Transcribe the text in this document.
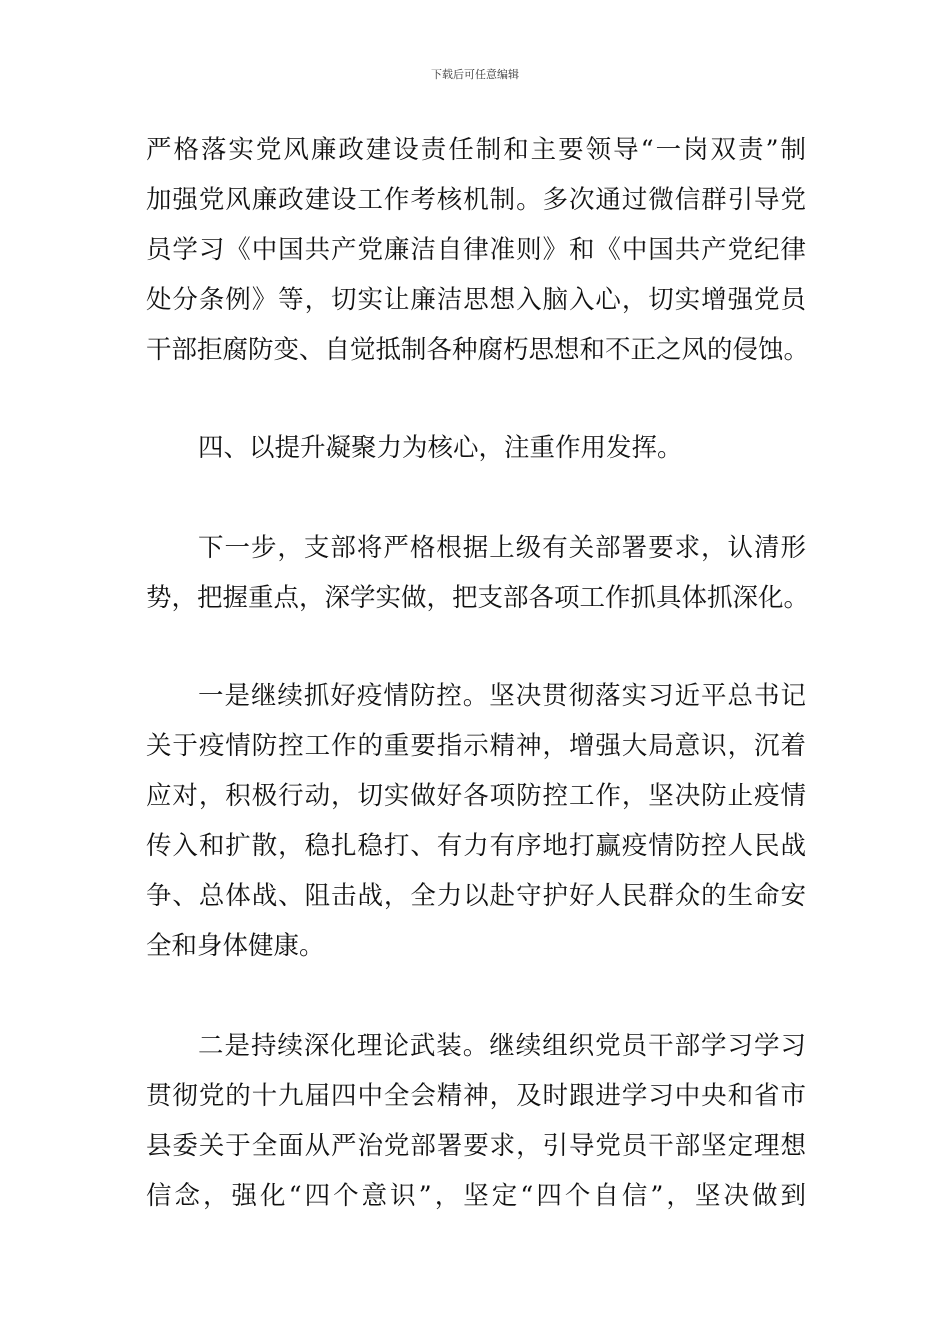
下载后可任意编辑
严格落实党风廉政建设责任制和主要领导“一岗双责”制
加强党风廉政建设工作考核机制。多次通过微信群引导党
员学习《中国共产党廉洁自律准则》和《中国共产党纪律
处分条例》等，切实让廉洁思想入脑入心，切实增强党员
干部拒腐防变、自觉抵制各种腐朽思想和不正之风的侵蚀。
四、以提升凝聚力为核心，注重作用发挥。
下一步，支部将严格根据上级有关部署要求，认清形
势，把握重点，深学实做，把支部各项工作抓具体抓深化。
一是继续抓好疫情防控。坚决贯彻落实习近平总书记
关于疫情防控工作的重要指示精神，增强大局意识，沉着
应对，积极行动，切实做好各项防控工作，坚决防止疫情
传入和扩散，稳扎稳打、有力有序地打赢疫情防控人民战
争、总体战、阻击战，全力以赴守护好人民群众的生命安
全和身体健康。
二是持续深化理论武装。继续组织党员干部学习学习
贯彻党的十九届四中全会精神，及时跟进学习中央和省市
县委关于全面从严治党部署要求，引导党员干部坚定理想
信念，强化“四个意识”，坚定“四个自信”，坚决做到
